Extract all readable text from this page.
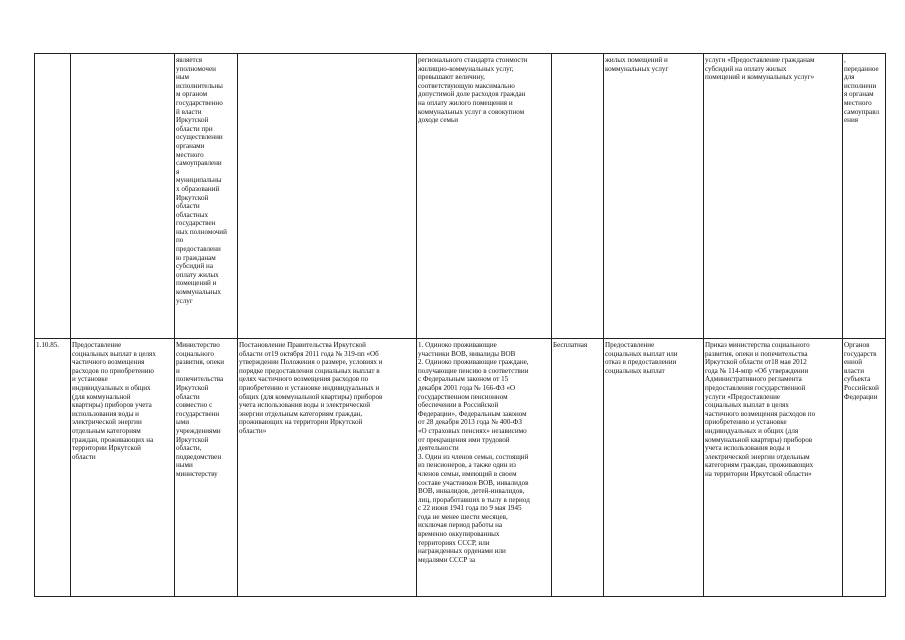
является
уполномочен
ным
исполнительны
м органом
государственно
й власти
Иркутской
области при
осуществлении
органами
местного
самоуправлени
я
муниципальны
х образований
Иркутской
области
областных
государствен
ных полномочий
по
предоставлени
ю гражданам
субсидий на
оплату жилых
помещений и
коммунальных
услуг
регионального стандарта стоимости
жилищно-коммунальных услуг,
превышают величину,
соответствующую максимально
допустимой доле расходов граждан
на оплату жилого помещения и
коммунальных услуг в совокупном
доходе семьи
жилых помещений и
коммунальных услуг
услуги «Предоставление гражданам
субсидий на оплату жилых
помещений и коммунальных услуг»
,
переданное
для
исполнени
я органам
местного
самоуправл
ения
1.10.85.	Предоставление
социальных выплат в целях
частичного возмещения
расходов по приобретению
и установке
индивидуальных и общих
(для коммунальной
квартиры) приборов учета
использования воды и
электрической энергии
отдельным категориям
граждан, проживающих на
территории Иркутской
области
Министерство
социального
развития, опеки
и
попечительства
Иркутской
области
совместно с
государственн
ыми
учреждениями
Иркутской
области,
подведомствен
ными
министерству
Постановление Правительства Иркутской
области от19 октября 2011 года № 319-пп «Об
утверждении Положения о размере, условиях и
порядке предоставления социальных выплат в
целях частичного возмещения расходов по
приобретению и установке индивидуальных и
общих (для коммунальной квартиры) приборов
учета использования воды и электрической
энергии отдельным категориям граждан,
проживающих на территории Иркутской
области»
1. Одиноко проживающие
участники ВОВ, инвалиды ВОВ
2. Одиноко проживающие граждане,
получающие пенсию в соответствии
с Федеральным законом от 15
декабря 2001 года № 166-ФЗ «О
государственном пенсионном
обеспечении в Российской
Федерации», Федеральным законом
от 28 декабря 2013 года № 400-ФЗ
«О страховых пенсиях» независимо
от прекращения ими трудовой
деятельности
3. Один из членов семьи, состоящий
из пенсионеров, а также один из
членов семьи, имеющий в своем
составе участников ВОВ, инвалидов
ВОВ, инвалидов, детей-инвалидов,
лиц, проработавших в тылу в период
с 22 июня 1941 года по 9 мая 1945
года не менее шести месяцев,
исключая период работы на
временно оккупированных
территориях СССР, или
награжденных орденами или
медалями СССР за
Бесплатная	Предоставление
социальных выплат или
отказ в предоставлении
социальных выплат
Приказ министерства социального
развития, опеки и попечительства
Иркутской области от18 мая 2012
года № 114-мпр «Об утверждении
Административного регламента
предоставления государственной
услуги «Предоставление
социальных выплат в целях
частичного возмещения расходов по
приобретению и установке
индивидуальных и общих (для
коммунальной квартиры) приборов
учета использования воды и
электрической энергии отдельным
категориям граждан, проживающих
на территории Иркутской области»
Органов
государств
енной
власти
субъекта
Российской
Федерации
